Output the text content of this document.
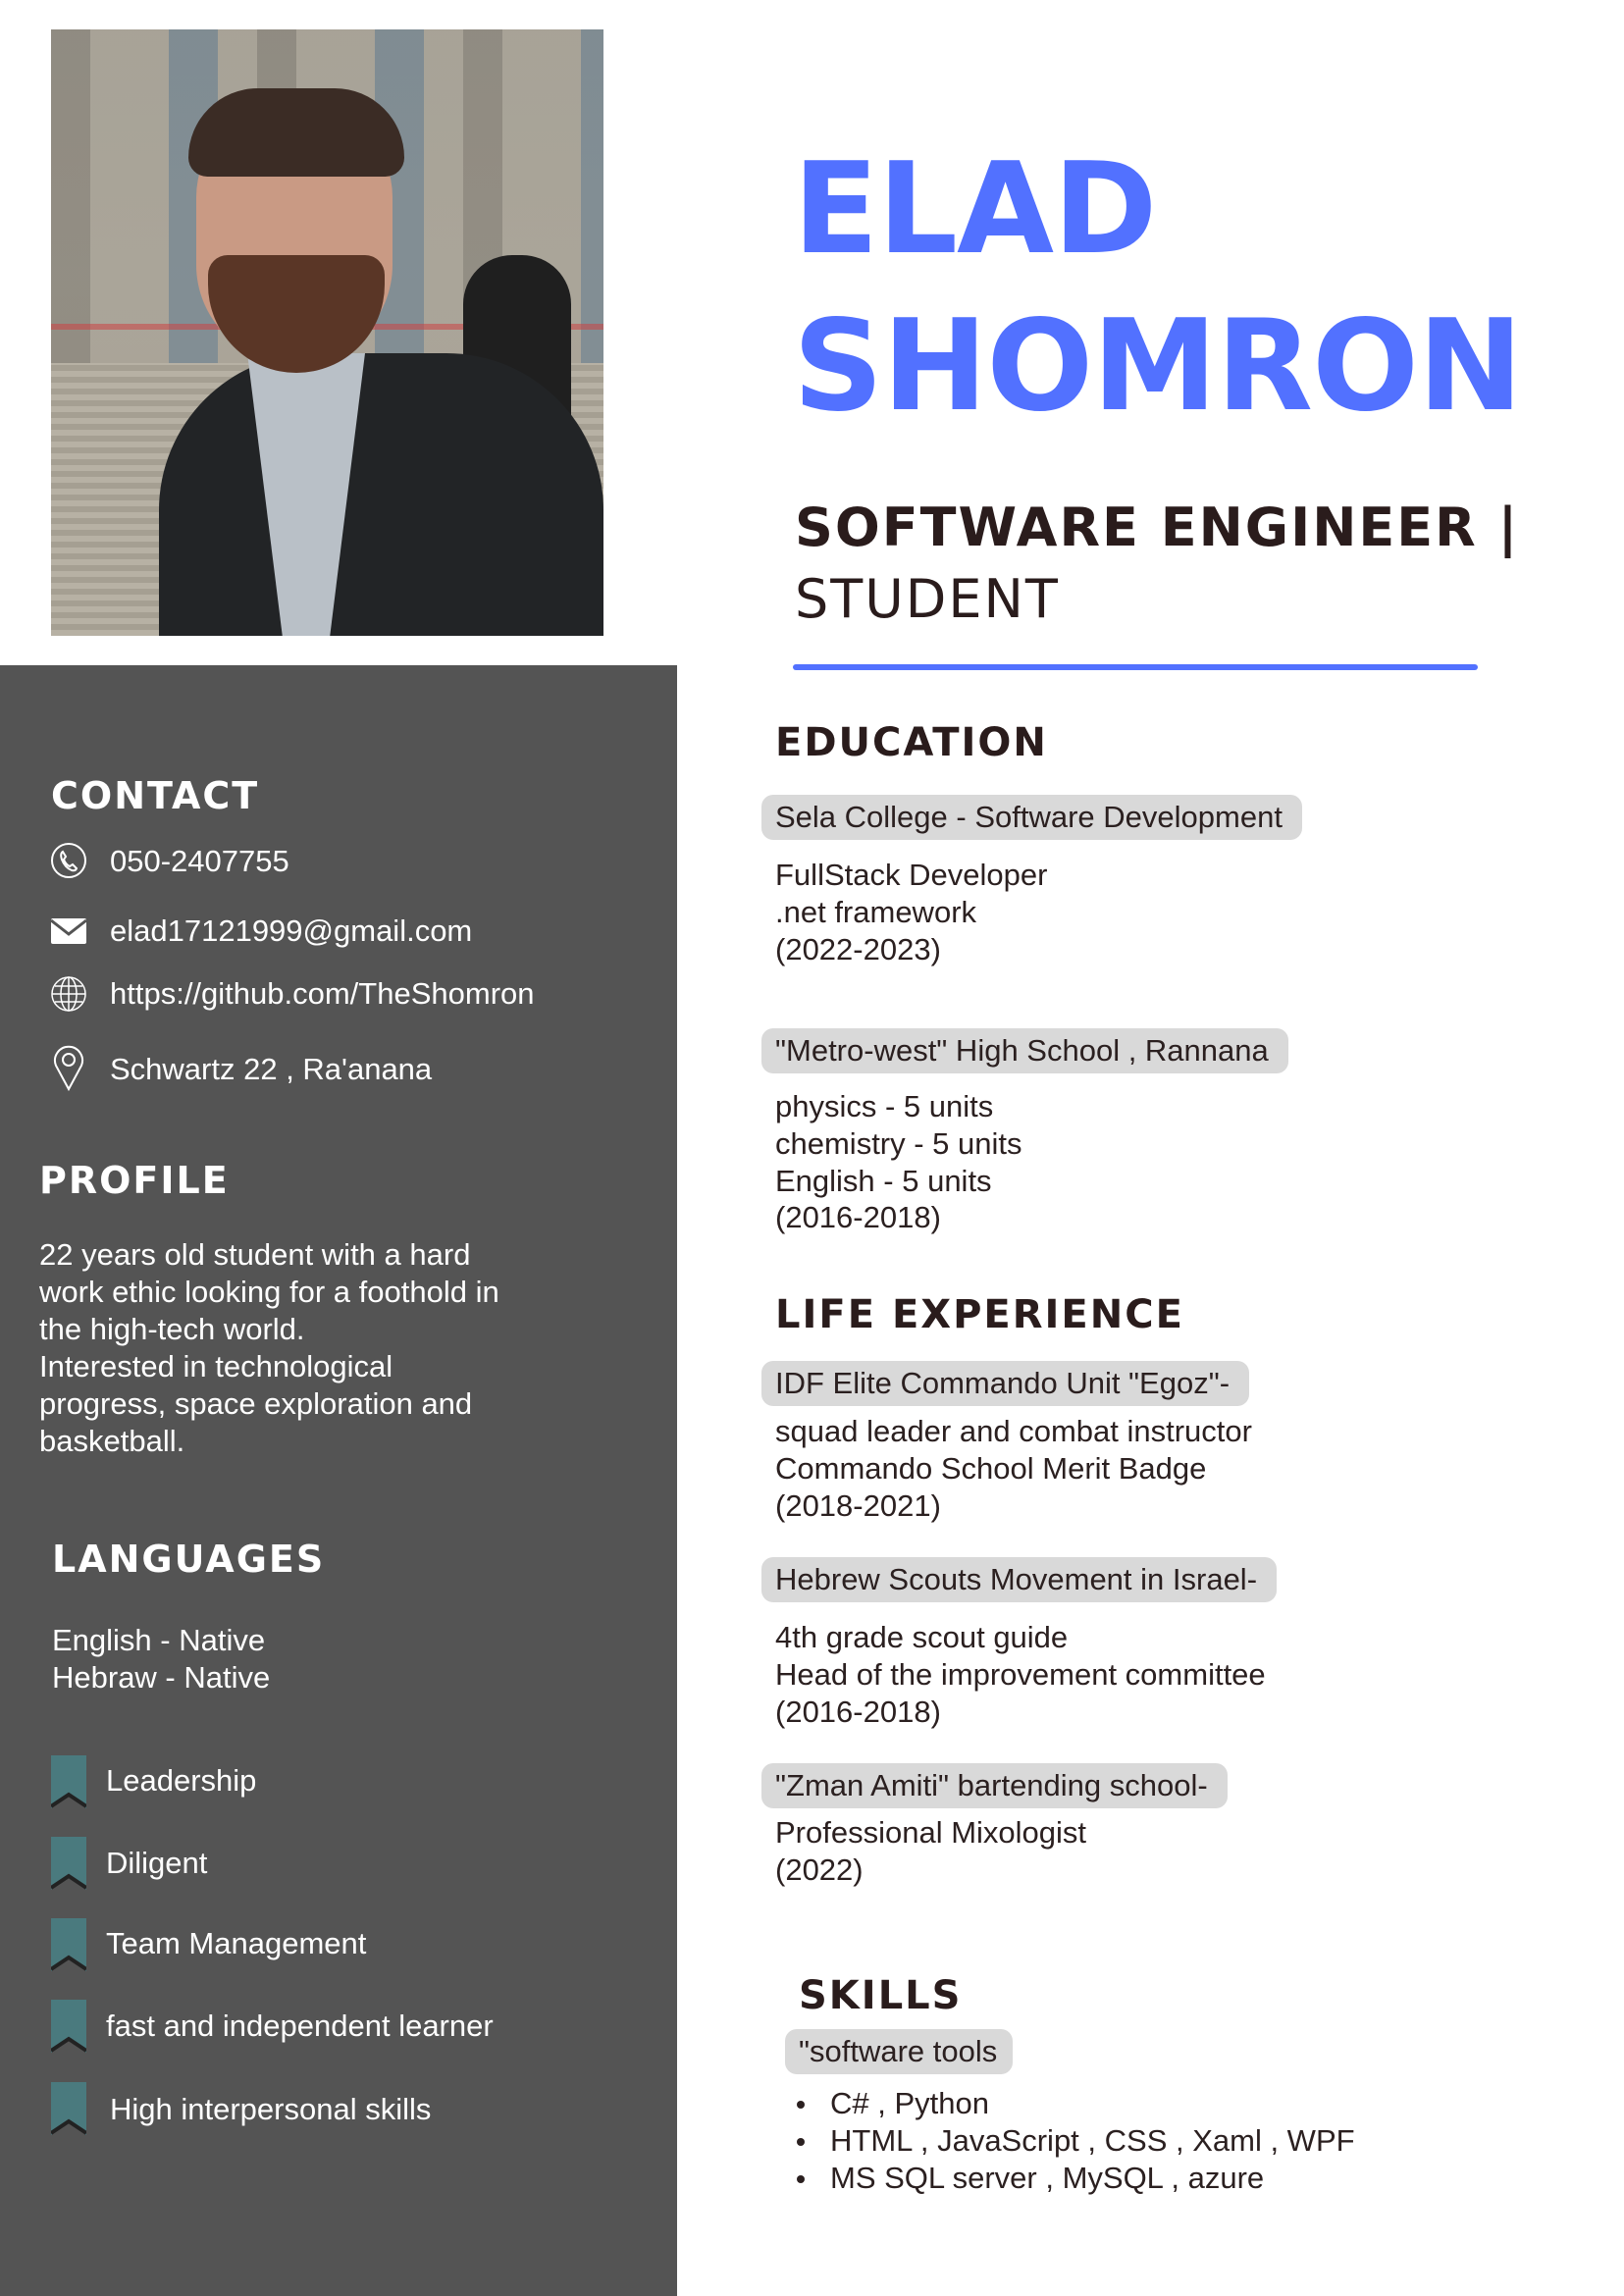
ELAD
SHOMRON
SOFTWARE ENGINEER |
STUDENT
CONTACT
050-2407755
elad17121999@gmail.com
https://github.com/TheShomron
Schwartz 22 , Ra'anana
PROFILE
22 years old student with a hard
work ethic looking for a foothold in
the high-tech world.
Interested in technological
progress, space exploration and
basketball.
LANGUAGES
English - Native
Hebraw - Native
Leadership
Diligent
Team Management
fast and independent learner
High interpersonal skills
EDUCATION
Sela College - Software Development
FullStack Developer
.net framework
(2022-2023)
"Metro-west" High School , Rannana
physics - 5 units
chemistry - 5 units
English - 5 units
(2016-2018)
LIFE EXPERIENCE
IDF Elite Commando Unit "Egoz"-
squad leader and combat instructor
Commando School Merit Badge
(2018-2021)
Hebrew Scouts Movement in Israel-
4th grade scout guide
Head of the improvement committee
(2016-2018)
"Zman Amiti" bartending school-
Professional Mixologist
(2022)
SKILLS
"software tools
C# , Python
HTML , JavaScript , CSS , Xaml , WPF
MS SQL server , MySQL , azure
